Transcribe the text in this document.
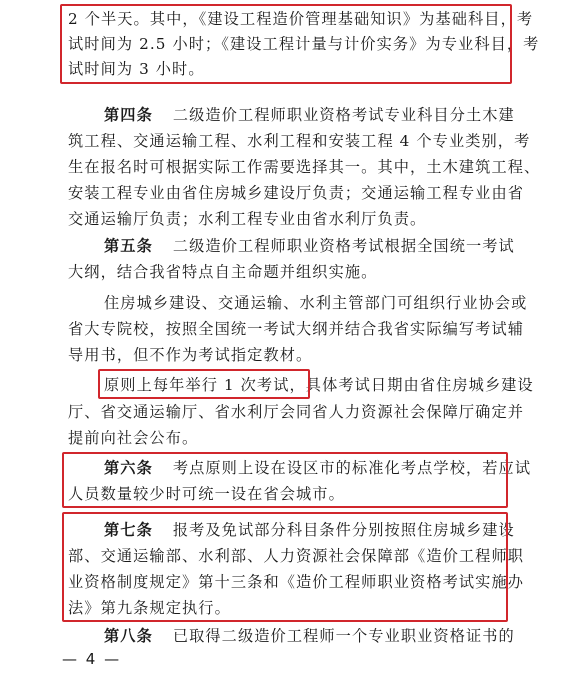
2 个半天。其中，《建设工程造价管理基础知识》为基础科目，考
试时间为 2.5 小时；《建设工程计量与计价实务》为专业科目，考
试时间为 3 小时。
第四条 二级造价工程师职业资格考试专业科目分土木建
筑工程、交通运输工程、水利工程和安装工程 4 个专业类别，考
生在报名时可根据实际工作需要选择其一。其中，土木建筑工程、
安装工程专业由省住房城乡建设厅负责；交通运输工程专业由省
交通运输厅负责；水利工程专业由省水利厅负责。
第五条 二级造价工程师职业资格考试根据全国统一考试
大纲，结合我省特点自主命题并组织实施。
住房城乡建设、交通运输、水利主管部门可组织行业协会或
省大专院校，按照全国统一考试大纲并结合我省实际编写考试辅
导用书，但不作为考试指定教材。
原则上每年举行 1 次考试，具体考试日期由省住房城乡建设
厅、省交通运输厅、省水利厅会同省人力资源社会保障厅确定并
提前向社会公布。
第六条 考点原则上设在设区市的标准化考点学校，若应试
人员数量较少时可统一设在省会城市。
第七条 报考及免试部分科目条件分别按照住房城乡建设
部、交通运输部、水利部、人力资源社会保障部《造价工程师职
业资格制度规定》第十三条和《造价工程师职业资格考试实施办
法》第九条规定执行。
第八条 已取得二级造价工程师一个专业职业资格证书的
— 4 —
